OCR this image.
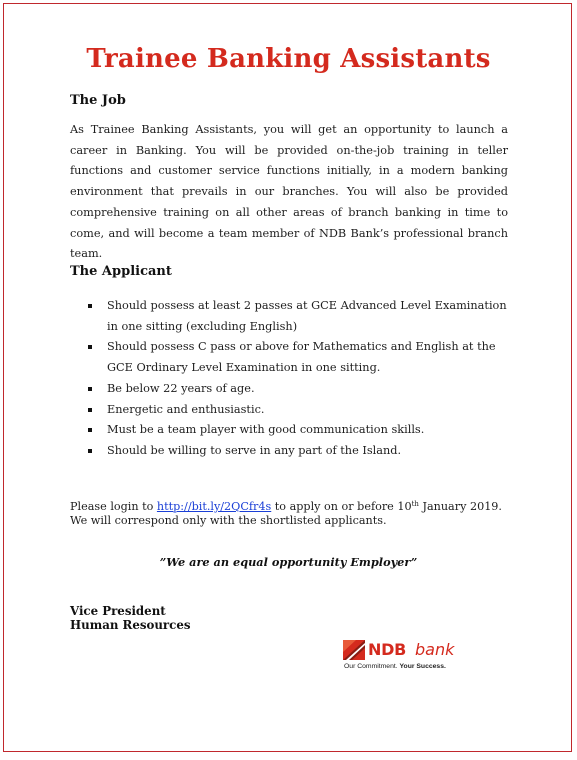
Trainee Banking Assistants
The Job
As Trainee Banking Assistants, you will get an opportunity to launch a career in Banking. You will be provided on-the-job training in teller functions and customer service functions initially, in a modern banking environment that prevails in our branches. You will also be provided comprehensive training on all other areas of branch banking in time to come, and will become a team member of NDB Bank’s professional branch team.
The Applicant
Should possess at least 2 passes at GCE Advanced Level Examination in one sitting (excluding English)
Should possess C pass or above for Mathematics and English at the GCE Ordinary Level Examination in one sitting.
Be below 22 years of age.
Energetic and enthusiastic.
Must be a team player with good communication skills.
Should be willing to serve in any part of the Island.
Please login to http://bit.ly/2QCfr4s to apply on or before 10th January 2019. We will correspond only with the shortlisted applicants.
”We are an equal opportunity Employer”
Vice President
Human Resources
NDB bank
Our Commitment. Your Success.
